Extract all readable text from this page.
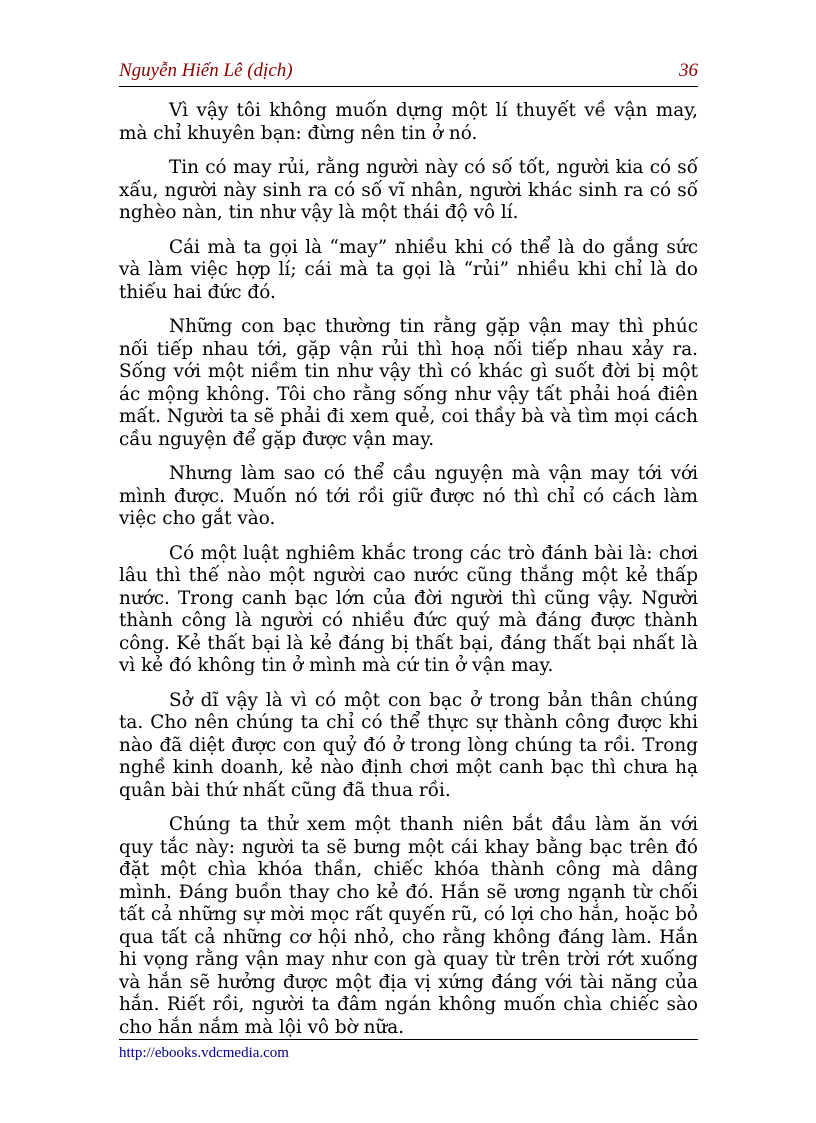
Nguyễn Hiến Lê (dịch)	36

Vì vậy tôi không muốn dựng một lí thuyết về vận may, mà chỉ khuyên bạn: đừng nên tin ở nó.

Tin có may rủi, rằng người này có số tốt, người kia có số xấu, người này sinh ra có số vĩ nhân, người khác sinh ra có số nghèo nàn, tin như vậy là một thái độ vô lí.

Cái mà ta gọi là “may” nhiều khi có thể là do gắng sức và làm việc hợp lí; cái mà ta gọi là “rủi” nhiều khi chỉ là do thiếu hai đức đó.

Những con bạc thường tin rằng gặp vận may thì phúc nối tiếp nhau tới, gặp vận rủi thì hoạ nối tiếp nhau xảy ra. Sống với một niềm tin như vậy thì có khác gì suốt đời bị một ác mộng không. Tôi cho rằng sống như vậy tất phải hoá điên mất. Người ta sẽ phải đi xem quẻ, coi thầy bà và tìm mọi cách cầu nguyện để gặp được vận may.

Nhưng làm sao có thể cầu nguyện mà vận may tới với mình được. Muốn nó tới rồi giữ được nó thì chỉ có cách làm việc cho gắt vào.

Có một luật nghiêm khắc trong các trò đánh bài là: chơi lâu thì thế nào một người cao nước cũng thắng một kẻ thấp nước. Trong canh bạc lớn của đời người thì cũng vậy. Người thành công là người có nhiều đức quý mà đáng được thành công. Kẻ thất bại là kẻ đáng bị thất bại, đáng thất bại nhất là vì kẻ đó không tin ở mình mà cứ tin ở vận may.

Sở dĩ vậy là vì có một con bạc ở trong bản thân chúng ta. Cho nên chúng ta chỉ có thể thực sự thành công được khi nào đã diệt được con quỷ đó ở trong lòng chúng ta rồi. Trong nghề kinh doanh, kẻ nào định chơi một canh bạc thì chưa hạ quân bài thứ nhất cũng đã thua rồi.

Chúng ta thử xem một thanh niên bắt đầu làm ăn với quy tắc này: người ta sẽ bưng một cái khay bằng bạc trên đó đặt một chìa khóa thần, chiếc khóa thành công mà dâng mình. Đáng buồn thay cho kẻ đó. Hắn sẽ ương ngạnh từ chối tất cả những sự mời mọc rất quyến rũ, có lợi cho hắn, hoặc bỏ qua tất cả những cơ hội nhỏ, cho rằng không đáng làm. Hắn hi vọng rằng vận may như con gà quay từ trên trời rớt xuống và hắn sẽ hưởng được một địa vị xứng đáng với tài năng của hắn. Riết rồi, người ta đâm ngán không muốn chìa chiếc sào cho hắn nắm mà lội vô bờ nữa.

http://ebooks.vdcmedia.com
